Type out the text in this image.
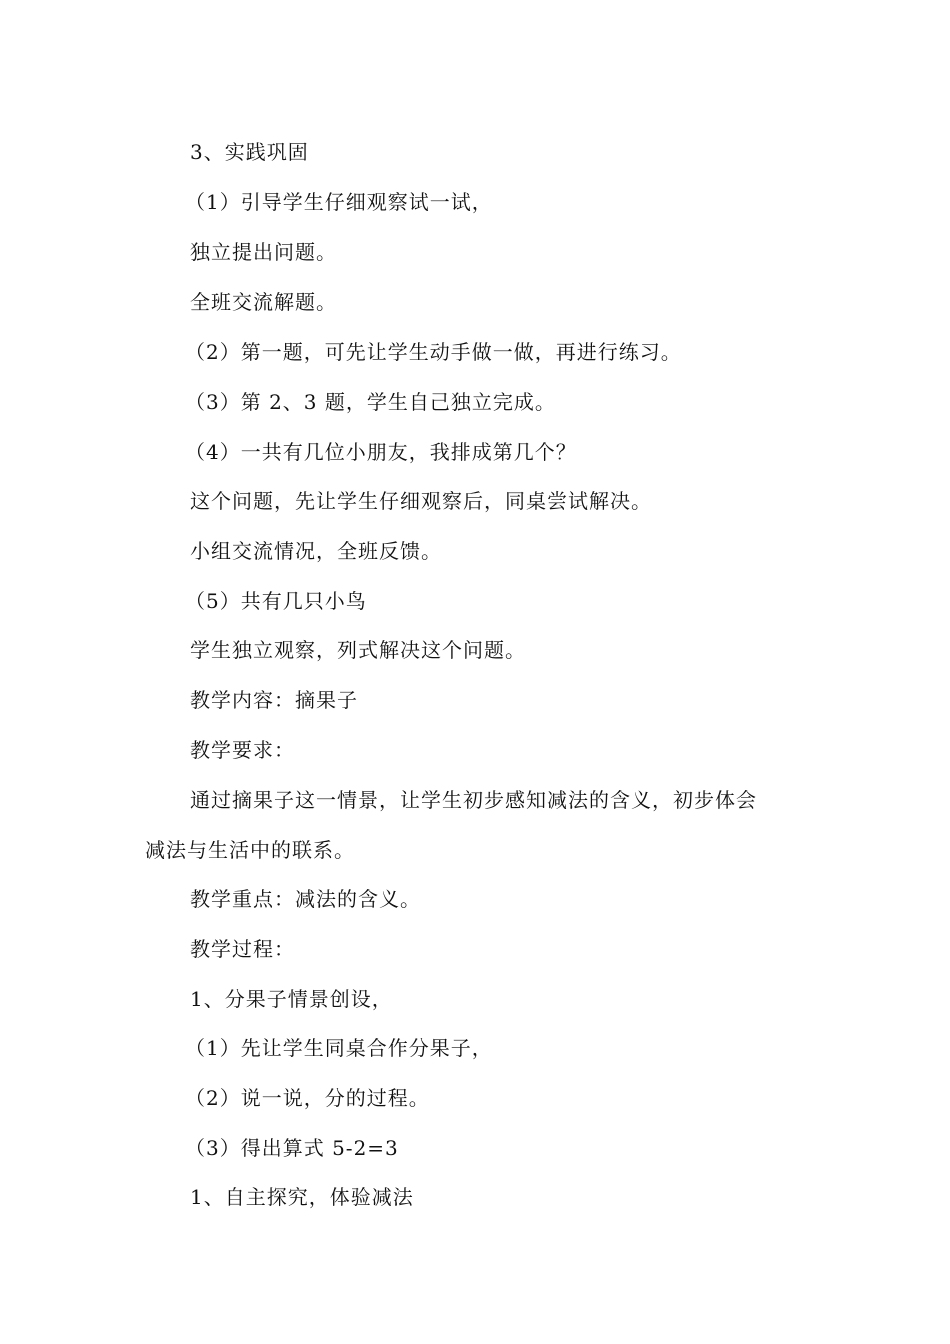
3、实践巩固
（1）引导学生仔细观察试一试，
独立提出问题。
全班交流解题。
（2）第一题，可先让学生动手做一做，再进行练习。
（3）第 2、3 题，学生自己独立完成。
（4）一共有几位小朋友，我排成第几个？
这个问题，先让学生仔细观察后，同桌尝试解决。
小组交流情况，全班反馈。
（5）共有几只小鸟
学生独立观察，列式解决这个问题。
教学内容：摘果子
教学要求：
通过摘果子这一情景，让学生初步感知减法的含义，初步体会
减法与生活中的联系。
教学重点：减法的含义。
教学过程：
1、分果子情景创设，
（1）先让学生同桌合作分果子，
（2）说一说，分的过程。
（3）得出算式 5-2=3
1、自主探究，体验减法
